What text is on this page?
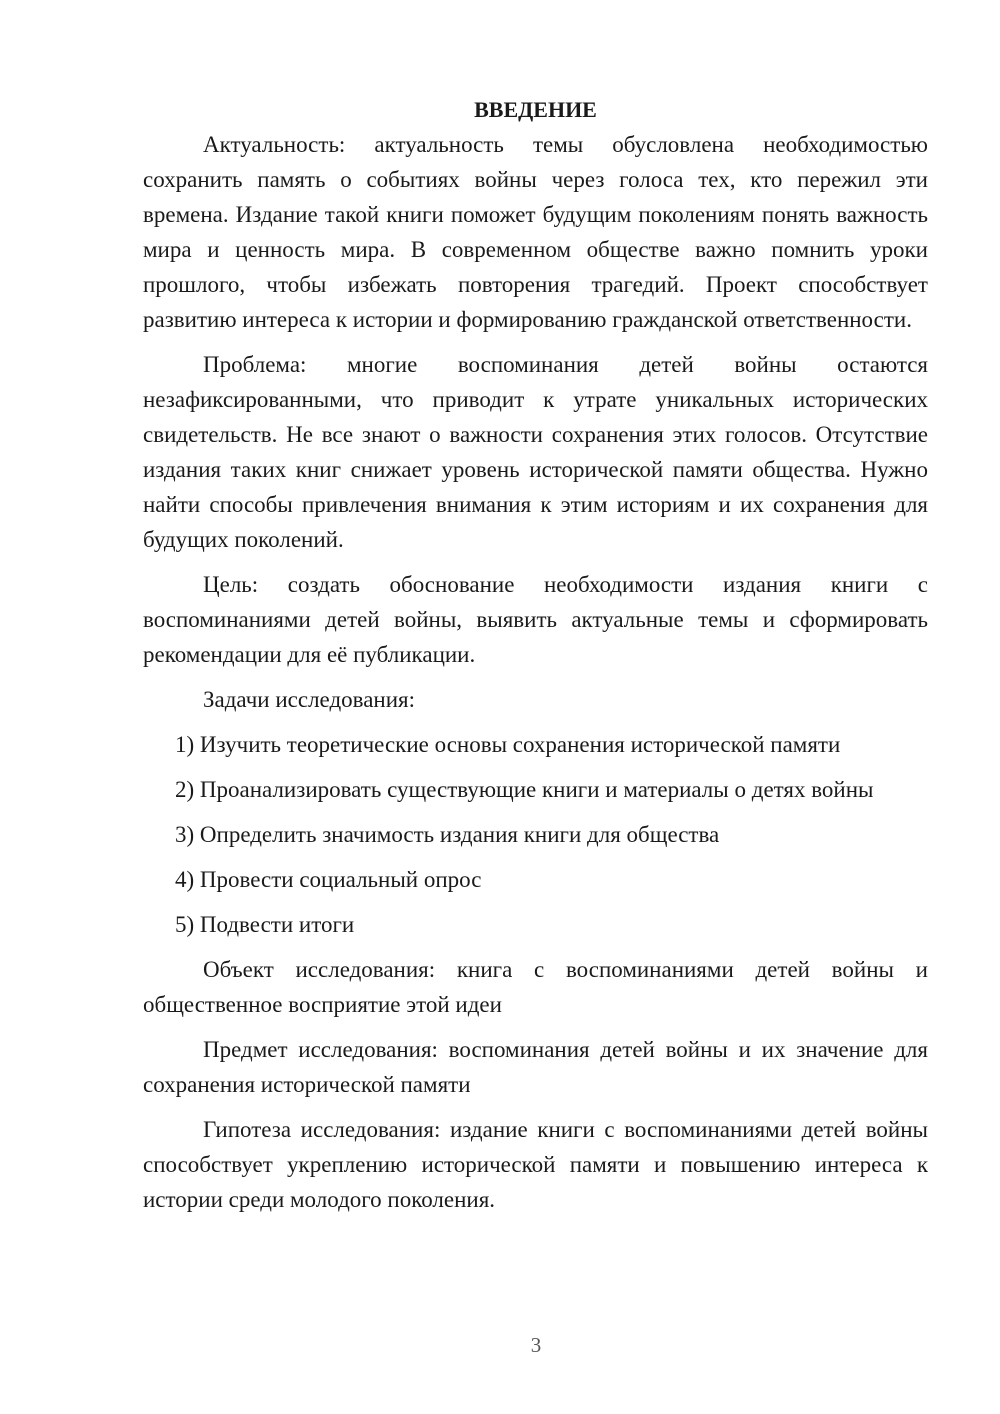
ВВЕДЕНИЕ

Актуальность: актуальность темы обусловлена необходимостью сохранить память о событиях войны через голоса тех, кто пережил эти времена. Издание такой книги поможет будущим поколениям понять важность мира и ценность мира. В современном обществе важно помнить уроки прошлого, чтобы избежать повторения трагедий. Проект способствует развитию интереса к истории и формированию гражданской ответственности.

Проблема: многие воспоминания детей войны остаются незафиксированными, что приводит к утрате уникальных исторических свидетельств. Не все знают о важности сохранения этих голосов. Отсутствие издания таких книг снижает уровень исторической памяти общества. Нужно найти способы привлечения внимания к этим историям и их сохранения для будущих поколений.

Цель: создать обоснование необходимости издания книги с воспоминаниями детей войны, выявить актуальные темы и сформировать рекомендации для её публикации.

Задачи исследования:

1) Изучить теоретические основы сохранения исторической памяти

2) Проанализировать существующие книги и материалы о детях войны

3) Определить значимость издания книги для общества

4) Провести социальный опрос

5) Подвести итоги

Объект исследования: книга с воспоминаниями детей войны и общественное восприятие этой идеи

Предмет исследования: воспоминания детей войны и их значение для сохранения исторической памяти

Гипотеза исследования: издание книги с воспоминаниями детей войны способствует укреплению исторической памяти и повышению интереса к истории среди молодого поколения.

3
